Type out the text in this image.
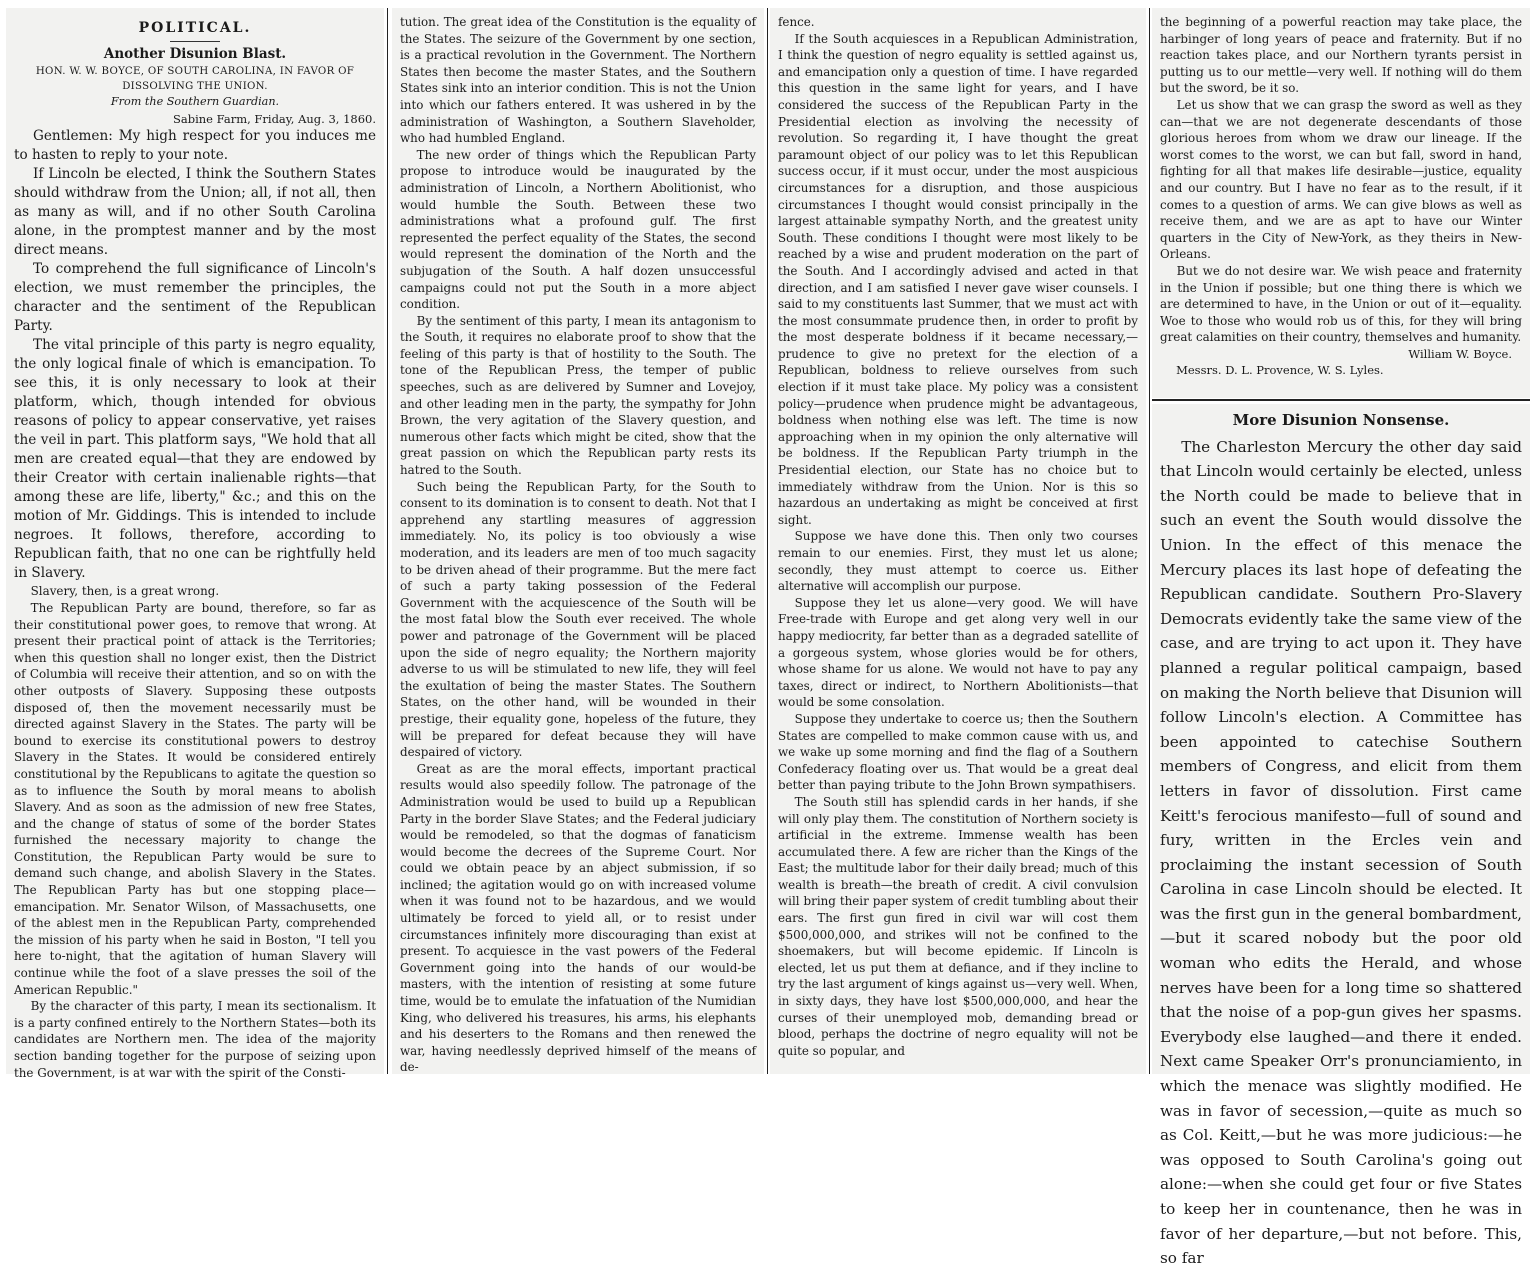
POLITICAL.

Another Disunion Blast.

HON. W. W. BOYCE, OF SOUTH CAROLINA, IN FAVOR OF DISSOLVING THE UNION.

From the Southern Guardian.

Sabine Farm, Friday, Aug. 3, 1860.

Gentlemen: My high respect for you induces me to hasten to reply to your note.

If Lincoln be elected, I think the Southern States should withdraw from the Union; all, if not all, then as many as will, and if no other South Carolina alone, in the promptest manner and by the most direct means.

To comprehend the full significance of Lincoln's election, we must remember the principles, the character and the sentiment of the Republican Party.

The vital principle of this party is negro equality, the only logical finale of which is emancipation. To see this, it is only necessary to look at their platform, which, though intended for obvious reasons of policy to appear conservative, yet raises the veil in part. This platform says, "We hold that all men are created equal—that they are endowed by their Creator with certain inalienable rights—that among these are life, liberty," &c.; and this on the motion of Mr. Giddings. This is intended to include negroes. It follows, therefore, according to Republican faith, that no one can be rightfully held in Slavery.

Slavery, then, is a great wrong.

The Republican Party are bound, therefore, so far as their constitutional power goes, to remove that wrong. At present their practical point of attack is the Territories; when this question shall no longer exist, then the District of Columbia will receive their attention, and so on with the other outposts of Slavery. Supposing these outposts disposed of, then the movement necessarily must be directed against Slavery in the States. The party will be bound to exercise its constitutional powers to destroy Slavery in the States. It would be considered entirely constitutional by the Republicans to agitate the question so as to influence the South by moral means to abolish Slavery. And as soon as the admission of new free States, and the change of status of some of the border States furnished the necessary majority to change the Constitution, the Republican Party would be sure to demand such change, and abolish Slavery in the States. The Republican Party has but one stopping place—emancipation. Mr. Senator Wilson, of Massachusetts, one of the ablest men in the Republican Party, comprehended the mission of his party when he said in Boston, "I tell you here to-night, that the agitation of human Slavery will continue while the foot of a slave presses the soil of the American Republic."

By the character of this party, I mean its sectionalism. It is a party confined entirely to the Northern States—both its candidates are Northern men. The idea of the majority section banding together for the purpose of seizing upon the Government, is at war with the spirit of the Consti-

tution. The great idea of the Constitution is the equality of the States. The seizure of the Government by one section, is a practical revolution in the Government. The Northern States then become the master States, and the Southern States sink into an interior condition. This is not the Union into which our fathers entered. It was ushered in by the administration of Washington, a Southern Slaveholder, who had humbled England.

The new order of things which the Republican Party propose to introduce would be inaugurated by the administration of Lincoln, a Northern Abolitionist, who would humble the South. Between these two administrations what a profound gulf. The first represented the perfect equality of the States, the second would represent the domination of the North and the subjugation of the South. A half dozen unsuccessful campaigns could not put the South in a more abject condition.

By the sentiment of this party, I mean its antagonism to the South, it requires no elaborate proof to show that the feeling of this party is that of hostility to the South. The tone of the Republican Press, the temper of public speeches, such as are delivered by Sumner and Lovejoy, and other leading men in the party, the sympathy for John Brown, the very agitation of the Slavery question, and numerous other facts which might be cited, show that the great passion on which the Republican party rests its hatred to the South.

Such being the Republican Party, for the South to consent to its domination is to consent to death. Not that I apprehend any startling measures of aggression immediately. No, its policy is too obviously a wise moderation, and its leaders are men of too much sagacity to be driven ahead of their programme. But the mere fact of such a party taking possession of the Federal Government with the acquiescence of the South will be the most fatal blow the South ever received. The whole power and patronage of the Government will be placed upon the side of negro equality; the Northern majority adverse to us will be stimulated to new life, they will feel the exultation of being the master States. The Southern States, on the other hand, will be wounded in their prestige, their equality gone, hopeless of the future, they will be prepared for defeat because they will have despaired of victory.

Great as are the moral effects, important practical results would also speedily follow. The patronage of the Administration would be used to build up a Republican Party in the border Slave States; and the Federal judiciary would be remodeled, so that the dogmas of fanaticism would become the decrees of the Supreme Court. Nor could we obtain peace by an abject submission, if so inclined; the agitation would go on with increased volume when it was found not to be hazardous, and we would ultimately be forced to yield all, or to resist under circumstances infinitely more discouraging than exist at present. To acquiesce in the vast powers of the Federal Government going into the hands of our would-be masters, with the intention of resisting at some future time, would be to emulate the infatuation of the Numidian King, who delivered his treasures, his arms, his elephants and his deserters to the Romans and then renewed the war, having needlessly deprived himself of the means of de-

fence.

If the South acquiesces in a Republican Administration, I think the question of negro equality is settled against us, and emancipation only a question of time. I have regarded this question in the same light for years, and I have considered the success of the Republican Party in the Presidential election as involving the necessity of revolution. So regarding it, I have thought the great paramount object of our policy was to let this Republican success occur, if it must occur, under the most auspicious circumstances for a disruption, and those auspicious circumstances I thought would consist principally in the largest attainable sympathy North, and the greatest unity South. These conditions I thought were most likely to be reached by a wise and prudent moderation on the part of the South. And I accordingly advised and acted in that direction, and I am satisfied I never gave wiser counsels. I said to my constituents last Summer, that we must act with the most consummate prudence then, in order to profit by the most desperate boldness if it became necessary,—prudence to give no pretext for the election of a Republican, boldness to relieve ourselves from such election if it must take place. My policy was a consistent policy—prudence when prudence might be advantageous, boldness when nothing else was left. The time is now approaching when in my opinion the only alternative will be boldness. If the Republican Party triumph in the Presidential election, our State has no choice but to immediately withdraw from the Union. Nor is this so hazardous an undertaking as might be conceived at first sight.

Suppose we have done this. Then only two courses remain to our enemies. First, they must let us alone; secondly, they must attempt to coerce us. Either alternative will accomplish our purpose.

Suppose they let us alone—very good. We will have Free-trade with Europe and get along very well in our happy mediocrity, far better than as a degraded satellite of a gorgeous system, whose glories would be for others, whose shame for us alone. We would not have to pay any taxes, direct or indirect, to Northern Abolitionists—that would be some consolation.

Suppose they undertake to coerce us; then the Southern States are compelled to make common cause with us, and we wake up some morning and find the flag of a Southern Confederacy floating over us. That would be a great deal better than paying tribute to the John Brown sympathisers.

The South still has splendid cards in her hands, if she will only play them. The constitution of Northern society is artificial in the extreme. Immense wealth has been accumulated there. A few are richer than the Kings of the East; the multitude labor for their daily bread; much of this wealth is breath—the breath of credit. A civil convulsion will bring their paper system of credit tumbling about their ears. The first gun fired in civil war will cost them $500,000,000, and strikes will not be confined to the shoemakers, but will become epidemic. If Lincoln is elected, let us put them at defiance, and if they incline to try the last argument of kings against us—very well. When, in sixty days, they have lost $500,000,000, and hear the curses of their unemployed mob, demanding bread or blood, perhaps the doctrine of negro equality will not be quite so popular, and

the beginning of a powerful reaction may take place, the harbinger of long years of peace and fraternity. But if no reaction takes place, and our Northern tyrants persist in putting us to our mettle—very well. If nothing will do them but the sword, be it so.

Let us show that we can grasp the sword as well as they can—that we are not degenerate descendants of those glorious heroes from whom we draw our lineage. If the worst comes to the worst, we can but fall, sword in hand, fighting for all that makes life desirable—justice, equality and our country. But I have no fear as to the result, if it comes to a question of arms. We can give blows as well as receive them, and we are as apt to have our Winter quarters in the City of New-York, as they theirs in New-Orleans.

But we do not desire war. We wish peace and fraternity in the Union if possible; but one thing there is which we are determined to have, in the Union or out of it—equality. Woe to those who would rob us of this, for they will bring great calamities on their country, themselves and humanity.

William W. Boyce.

Messrs. D. L. Provence, W. S. Lyles.

More Disunion Nonsense.

The Charleston Mercury the other day said that Lincoln would certainly be elected, unless the North could be made to believe that in such an event the South would dissolve the Union. In the effect of this menace the Mercury places its last hope of defeating the Republican candidate. Southern Pro-Slavery Democrats evidently take the same view of the case, and are trying to act upon it. They have planned a regular political campaign, based on making the North believe that Disunion will follow Lincoln's election. A Committee has been appointed to catechise Southern members of Congress, and elicit from them letters in favor of dissolution. First came Keitt's ferocious manifesto—full of sound and fury, written in the Ercles vein and proclaiming the instant secession of South Carolina in case Lincoln should be elected. It was the first gun in the general bombardment,—but it scared nobody but the poor old woman who edits the Herald, and whose nerves have been for a long time so shattered that the noise of a pop-gun gives her spasms. Everybody else laughed—and there it ended. Next came Speaker Orr's pronunciamiento, in which the menace was slightly modified. He was in favor of secession,—quite as much so as Col. Keitt,—but he was more judicious:—he was opposed to South Carolina's going out alone:—when she could get four or five States to keep her in countenance, then he was in favor of her departure,—but not before. This, so far
